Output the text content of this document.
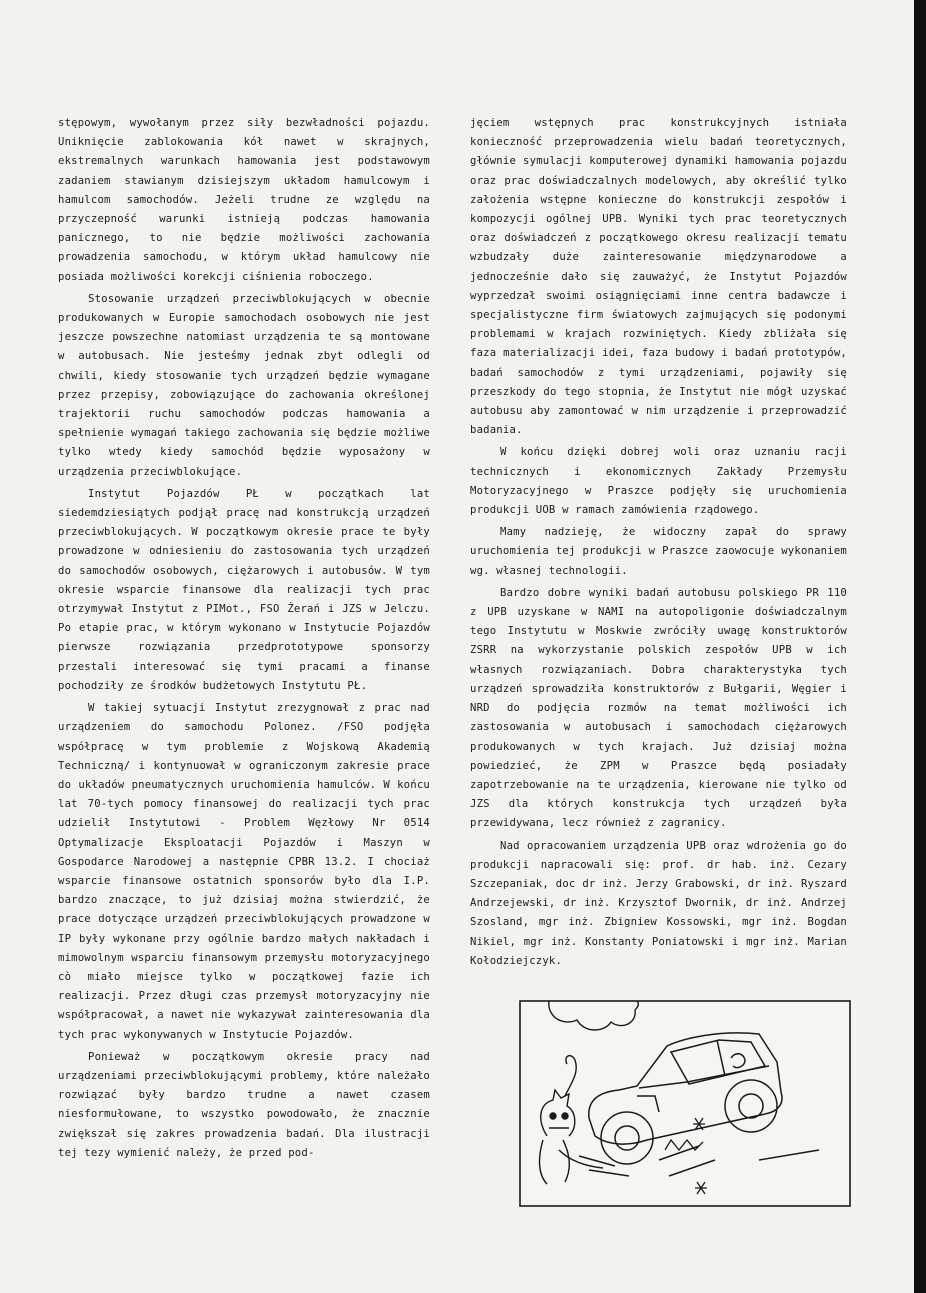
stępowym, wywołanym przez siły bezwładności pojazdu. Uniknięcie zablokowania kół nawet w skrajnych, ekstremalnych warunkach hamowania jest podstawowym zadaniem stawianym dzisiejszym układom hamulcowym i hamulcom samochodów. Jeżeli trudne ze względu na przyczepność warunki istnieją podczas hamowania panicznego, to nie będzie możliwości zachowania prowadzenia samochodu, w którym układ hamulcowy nie posiada możliwości korekcji ciśnienia roboczego.

Stosowanie urządzeń przeciwblokujących w obecnie produkowanych w Europie samochodach osobowych nie jest jeszcze powszechne natomiast urządzenia te są montowane w autobusach. Nie jesteśmy jednak zbyt odlegli od chwili, kiedy stosowanie tych urządzeń będzie wymagane przez przepisy, zobowiązujące do zachowania określonej trajektorii ruchu samochodów podczas hamowania a spełnienie wymagań takiego zachowania się będzie możliwe tylko wtedy kiedy samochód będzie wyposażony w urządzenia przeciwblokujące.

Instytut Pojazdów PŁ w początkach lat siedemdziesiątych podjął pracę nad konstrukcją urządzeń przeciwblokujących. W początkowym okresie prace te były prowadzone w odniesieniu do zastosowania tych urządzeń do samochodów osobowych, ciężarowych i autobusów. W tym okresie wsparcie finansowe dla realizacji tych prac otrzymywał Instytut z PIMot., FSO Żerań i JZS w Jelczu. Po etapie prac, w którym wykonano w Instytucie Pojazdów pierwsze rozwiązania przedprototypowe sponsorzy przestali interesować się tymi pracami a finanse pochodziły ze środków budżetowych Instytutu PŁ.

W takiej sytuacji Instytut zrezygnował z prac nad urządzeniem do samochodu Polonez. /FSO podjęła współpracę w tym problemie z Wojskową Akademią Techniczną/ i kontynuował w ograniczonym zakresie prace do układów pneumatycznych uruchomienia hamulców. W końcu lat 70-tych pomocy finansowej do realizacji tych prac udzielił Instytutowi - Problem Węzłowy Nr 0514 Optymalizacje Eksploatacji Pojazdów i Maszyn w Gospodarce Narodowej a następnie CPBR 13.2. I chociaż wsparcie finansowe ostatnich sponsorów było dla I.P. bardzo znaczące, to już dzisiaj można stwierdzić, że prace dotyczące urządzeń przeciwblokujących prowadzone w IP były wykonane przy ogólnie bardzo małych nakładach i mimowolnym wsparciu finansowym przemysłu motoryzacyjnego cò miało miejsce tylko w początkowej fazie ich realizacji. Przez długi czas przemysł motoryzacyjny nie współpracował, a nawet nie wykazywał zainteresowania dla tych prac wykonywanych w Instytucie Pojazdów.

Ponieważ w początkowym okresie pracy nad urządzeniami przeciwblokującymi problemy, które należało rozwiązać były bardzo trudne a nawet czasem niesformułowane, to wszystko powodowało, że znacznie zwiększał się zakres prowadzenia badań. Dla ilustracji tej tezy wymienić należy, że przed pod-

jęciem wstępnych prac konstrukcyjnych istniała konieczność przeprowadzenia wielu badań teoretycznych, głównie symulacji komputerowej dynamiki hamowania pojazdu oraz prac doświadczalnych modelowych, aby określić tylko założenia wstępne konieczne do konstrukcji zespołów i kompozycji ogólnej UPB. Wyniki tych prac teoretycznych oraz doświadczeń z początkowego okresu realizacji tematu wzbudzały duże zainteresowanie międzynarodowe a jednocześnie dało się zauważyć, że Instytut Pojazdów wyprzedzał swoimi osiągnięciami inne centra badawcze i specjalistyczne firm światowych zajmujących się podonymi problemami w krajach rozwiniętych. Kiedy zbliżała się faza materializacji idei, faza budowy i badań prototypów, badań samochodów z tymi urządzeniami, pojawiły się przeszkody do tego stopnia, że Instytut nie mógł uzyskać autobusu aby zamontować w nim urządzenie i przeprowadzić badania.

W końcu dzięki dobrej woli oraz uznaniu racji technicznych i ekonomicznych Zakłady Przemysłu Motoryzacyjnego w Praszce podjęły się uruchomienia produkcji UOB w ramach zamówienia rządowego.

Mamy nadzieję, że widoczny zapał do sprawy uruchomienia tej produkcji w Praszce zaowocuje wykonaniem wg. własnej technologii.

Bardzo dobre wyniki badań autobusu polskiego PR 110 z UPB uzyskane w NAMI na autopoligonie doświadczalnym tego Instytutu w Moskwie zwróciły uwagę konstruktorów ZSRR na wykorzystanie polskich zespołów UPB w ich własnych rozwiązaniach. Dobra charakterystyka tych urządzeń sprowadziła konstruktorów z Bułgarii, Węgier i NRD do podjęcia rozmów na temat możliwości ich zastosowania w autobusach i samochodach ciężarowych produkowanych w tych krajach. Już dzisiaj można powiedzieć, że ZPM w Praszce będą posiadały zapotrzebowanie na te urządzenia, kierowane nie tylko od JZS dla których konstrukcja tych urządzeń była przewidywana, lecz również z zagranicy.

Nad opracowaniem urządzenia UPB oraz wdrożenia go do produkcji napracowali się: prof. dr hab. inż. Cezary Szczepaniak, doc dr inż. Jerzy Grabowski, dr inż. Ryszard Andrzejewski, dr inż. Krzysztof Dwornik, dr inż. Andrzej Szosland, mgr inż. Zbigniew Kossowski, mgr inż. Bogdan Nikiel, mgr inż. Konstanty Poniatowski i mgr inż. Marian Kołodziejczyk.
